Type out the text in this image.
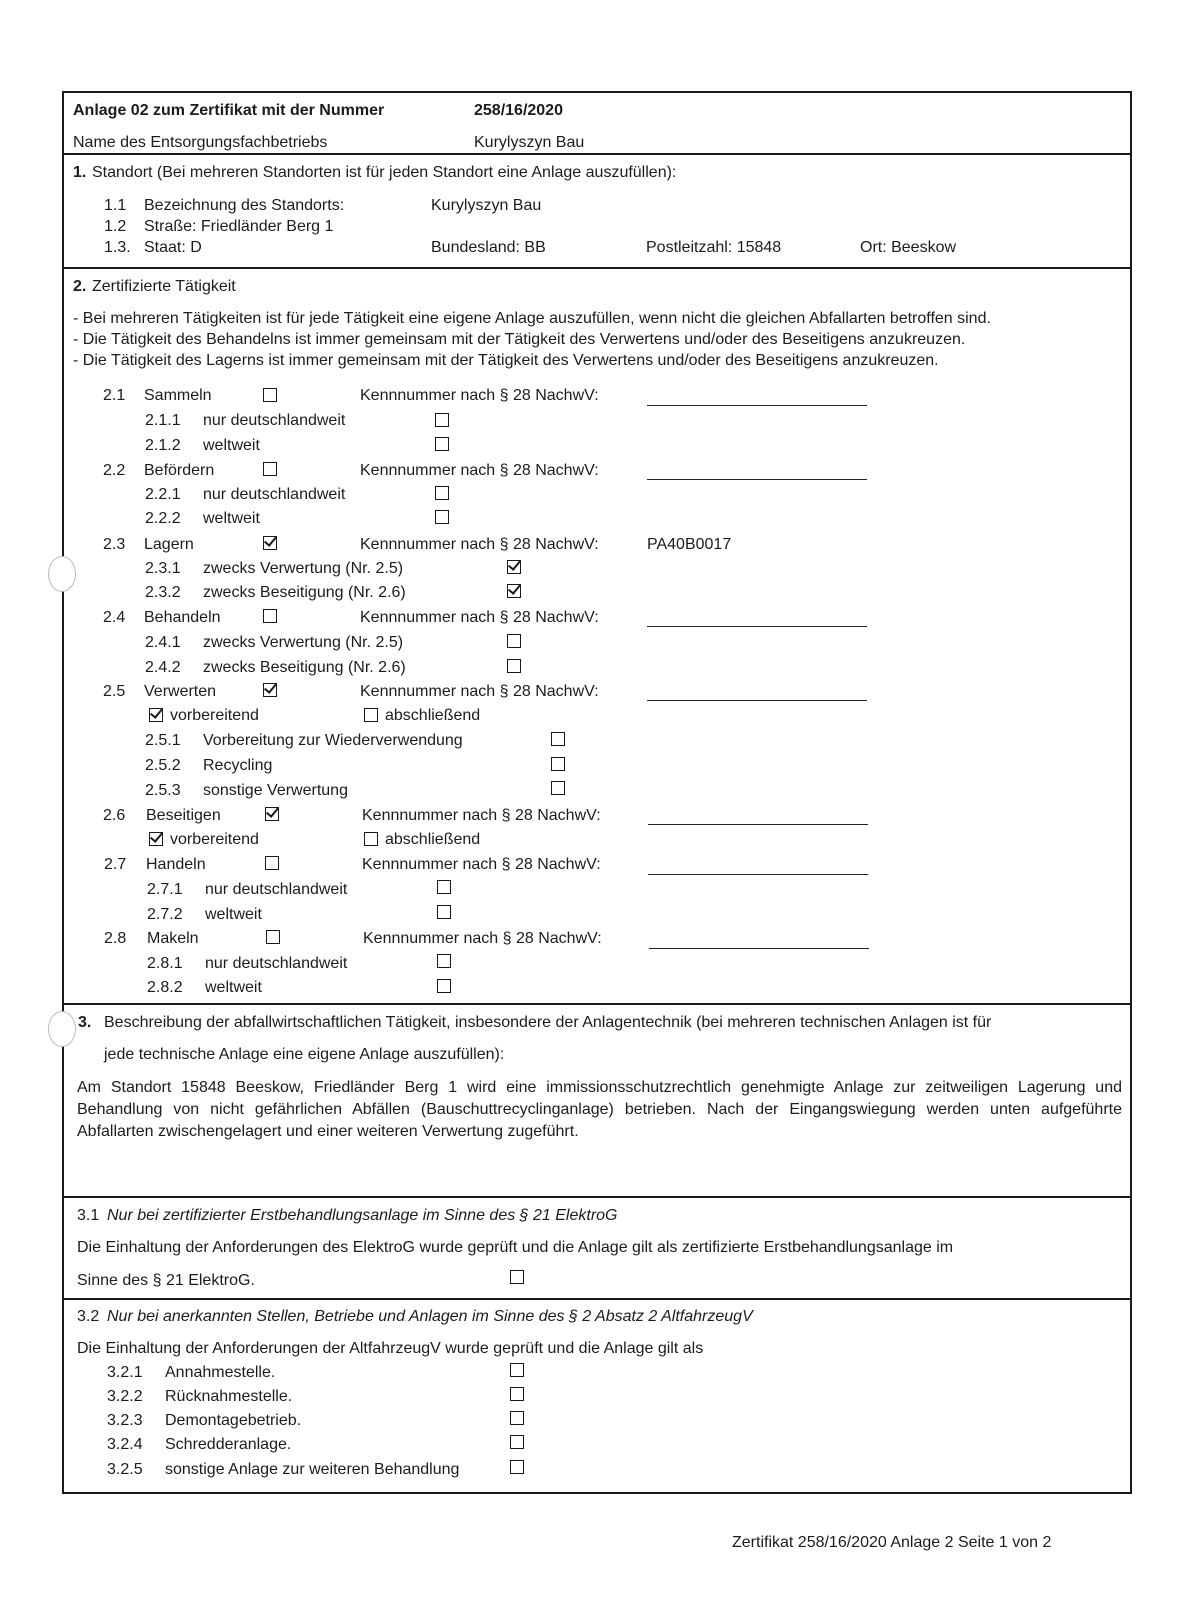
Anlage 02 zum Zertifikat mit der Nummer	258/16/2020
Name des Entsorgungsfachbetriebs	Kurylyszyn Bau
1. Standort (Bei mehreren Standorten ist für jeden Standort eine Anlage auszufüllen):
1.1 Bezeichnung des Standorts:	Kurylyszyn Bau
1.2 Straße: Friedländer Berg 1
1.3. Staat: D	Bundesland: BB	Postleitzahl: 15848	Ort: Beeskow
2. Zertifizierte Tätigkeit
- Bei mehreren Tätigkeiten ist für jede Tätigkeit eine eigene Anlage auszufüllen, wenn nicht die gleichen Abfallarten betroffen sind.
- Die Tätigkeit des Behandelns ist immer gemeinsam mit der Tätigkeit des Verwertens und/oder des Beseitigens anzukreuzen.
- Die Tätigkeit des Lagerns ist immer gemeinsam mit der Tätigkeit des Verwertens und/oder des Beseitigens anzukreuzen.
2.1 Sammeln	Kennnummer nach § 28 NachwV:
2.1.1 nur deutschlandweit
2.1.2 weltweit
2.2 Befördern	Kennnummer nach § 28 NachwV:
2.2.1 nur deutschlandweit
2.2.2 weltweit
2.3 Lagern	Kennnummer nach § 28 NachwV:	PA40B0017
2.3.1 zwecks Verwertung (Nr. 2.5)
2.3.2 zwecks Beseitigung (Nr. 2.6)
2.4 Behandeln	Kennnummer nach § 28 NachwV:
2.4.1 zwecks Verwertung (Nr. 2.5)
2.4.2 zwecks Beseitigung (Nr. 2.6)
2.5 Verwerten	Kennnummer nach § 28 NachwV:
vorbereitend	abschließend
2.5.1 Vorbereitung zur Wiederverwendung
2.5.2 Recycling
2.5.3 sonstige Verwertung
2.6 Beseitigen	Kennnummer nach § 28 NachwV:
vorbereitend	abschließend
2.7 Handeln	Kennnummer nach § 28 NachwV:
2.7.1 nur deutschlandweit
2.7.2 weltweit
2.8 Makeln	Kennnummer nach § 28 NachwV:
2.8.1 nur deutschlandweit
2.8.2 weltweit
3. Beschreibung der abfallwirtschaftlichen Tätigkeit, insbesondere der Anlagentechnik (bei mehreren technischen Anlagen ist für
jede technische Anlage eine eigene Anlage auszufüllen):
Am Standort 15848 Beeskow, Friedländer Berg 1 wird eine immissionsschutzrechtlich genehmigte Anlage zur zeitweiligen Lagerung und Behandlung von nicht gefährlichen Abfällen (Bauschuttrecyclinganlage) betrieben. Nach der Eingangswiegung werden unten aufgeführte Abfallarten zwischengelagert und einer weiteren Verwertung zugeführt.
3.1 Nur bei zertifizierter Erstbehandlungsanlage im Sinne des § 21 ElektroG
Die Einhaltung der Anforderungen des ElektroG wurde geprüft und die Anlage gilt als zertifizierte Erstbehandlungsanlage im
Sinne des § 21 ElektroG.
3.2 Nur bei anerkannten Stellen, Betriebe und Anlagen im Sinne des § 2 Absatz 2 AltfahrzeugV
Die Einhaltung der Anforderungen der AltfahrzeugV wurde geprüft und die Anlage gilt als
3.2.1 Annahmestelle.
3.2.2 Rücknahmestelle.
3.2.3 Demontagebetrieb.
3.2.4 Schredderanlage.
3.2.5 sonstige Anlage zur weiteren Behandlung
Zertifikat 258/16/2020 Anlage 2 Seite 1 von 2
